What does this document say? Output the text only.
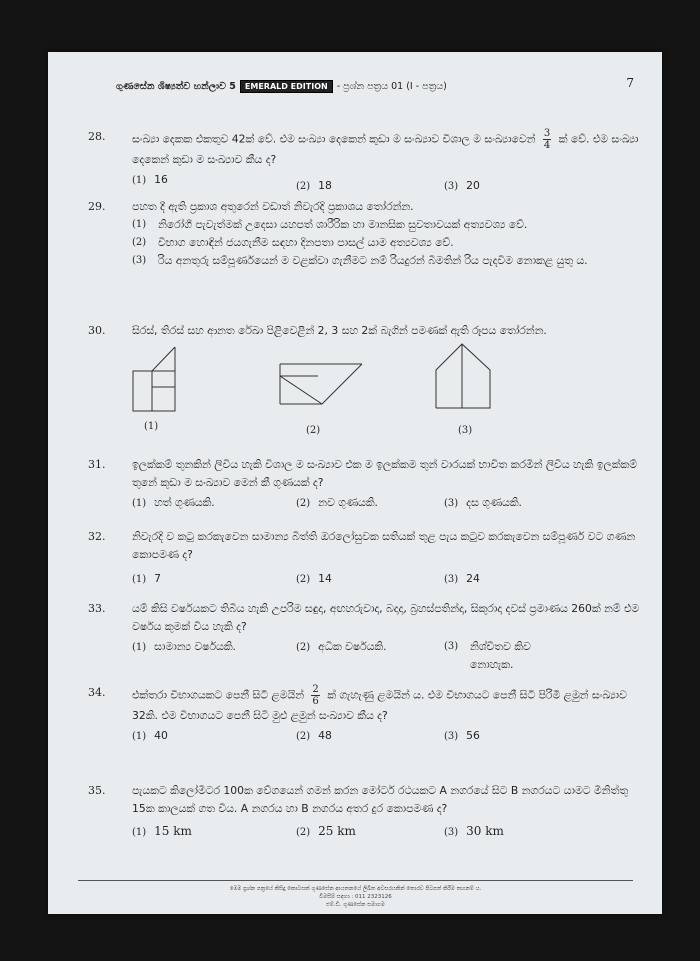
ගුණසේන ශිෂ්‍යත්ව හන්ලාව 5	EMERALD EDITION - ප්‍රශ්න පත්‍රය 01 (I - පත්‍රය)	7
28. සංඛ්‍යා දෙකක එකතුව 42ක් වේ. එම සංඛ්‍යා දෙකෙන් කුඩා ම සංඛ්‍යාව විශාල ම සංඛ්‍යාවෙන් $\frac{3}{4}$ ක් වේ. එම සංඛ්‍යා දෙකෙන් කුඩා ම සංඛ්‍යාව කීය ද?
(1) 16
(2) 18	(3) 20
29. පහත දී ඇති ප්‍රකාශ අතුරෙන් වඩාත් නිවැරදි ප්‍රකාශය තෝරන්න.
(1) නිරෝගී පැවැත්මක් උදෙසා යහපත් ශාරීරික හා මානසික සුවතාවයක් අත්‍යවශ්‍ය වේ.
(2) විභාග හොඳින් ජයගැනීම සඳහා දිනපතා පාසල් යාම අත්‍යවශ්‍ය වේ.
(3) රිය අනතුරු සම්පූර්ණයෙන් ම වළක්වා ගැනීමට නම් රියදුරන් බීමතින් රිය පැදවීම නොකළ යුතු ය.
30. සිරස්, තිරස් සහ ආනත රේඛා පිළිවෙළින් 2, 3 සහ 2ක් බැගින් පමණක් ඇති රූපය තෝරන්න.
(1)	(2)	(3)
31. ඉලක්කම් තුනකින් ලිවිය හැකි විශාල ම සංඛ්‍යාව එක ම ඉලක්කම තුන් වාරයක් භාවිත කරමින් ලිවිය හැකි ඉලක්කම් තුනේ කුඩා ම සංඛ්‍යාව මෙන් කී ගුණයක් ද?
(1) හත් ගුණයකි.	(2) නව ගුණයකි.	(3) දස ගුණයකි.
32. නිවැරදි ව කටු කරකැවෙන සාමාන්‍ය බිත්ති ඔරලෝසුවක සතියක් තුළ පැය කටුව කරකැවෙන සම්පූර්ණ වට ගණන කොපමණ ද?
(1) 7	(2) 14	(3) 24
33. යම් කිසි වර්ෂයකට තිබිය හැකි උපරිම සඳුදා, අඟහරුවාදා, බදාදා, බ්‍රහස්පතින්දා, සිකුරාදා දවස් ප්‍රමාණය 260ක් නම් එම වර්ෂය කුමක් විය හැකි ද?
(1) සාමාන්‍ය වර්ෂයකි.	(2) අධික වර්ෂයකි.	(3) නිශ්චිතව කිව නොහැක.
34. එක්තරා විභාගයකට පෙනී සිටි ළමයින් $\frac{2}{6}$ ක් ගැහැණු ළමයින් ය. එම විභාගයට පෙනී සිටි පිරිමි ළමුන් සංඛ්‍යාව 32කි. එම විභාගයට පෙනී සිටි මුළු ළමුන් සංඛ්‍යාව කීය ද?
(1) 40	(2) 48	(3) 56
35. පැයකට කිලෝමීටර 100ක වේගයෙන් ගමන් කරන මෝටර් රථයකට A නගරයේ සිට B නගරයට යාමට මිනිත්තු 15ක කාලයක් ගත විය. A නගරය හා B නගරය අතර දුර කොපමණ ද?
(1) 15 km	(2) 25 km	(3) 30 km
මෙම ප්‍රශ්න පත්‍රයේ කිසිදු කොටසක් ගුණසේන ආයතනයේ ලිඛිත අවසරයකින් තොරව පිටපත් කිරීම තහනම් ය.
විමසීම් සඳහා : 011 2323126
එම්.ඩී. ගුණසේන සමාගම
